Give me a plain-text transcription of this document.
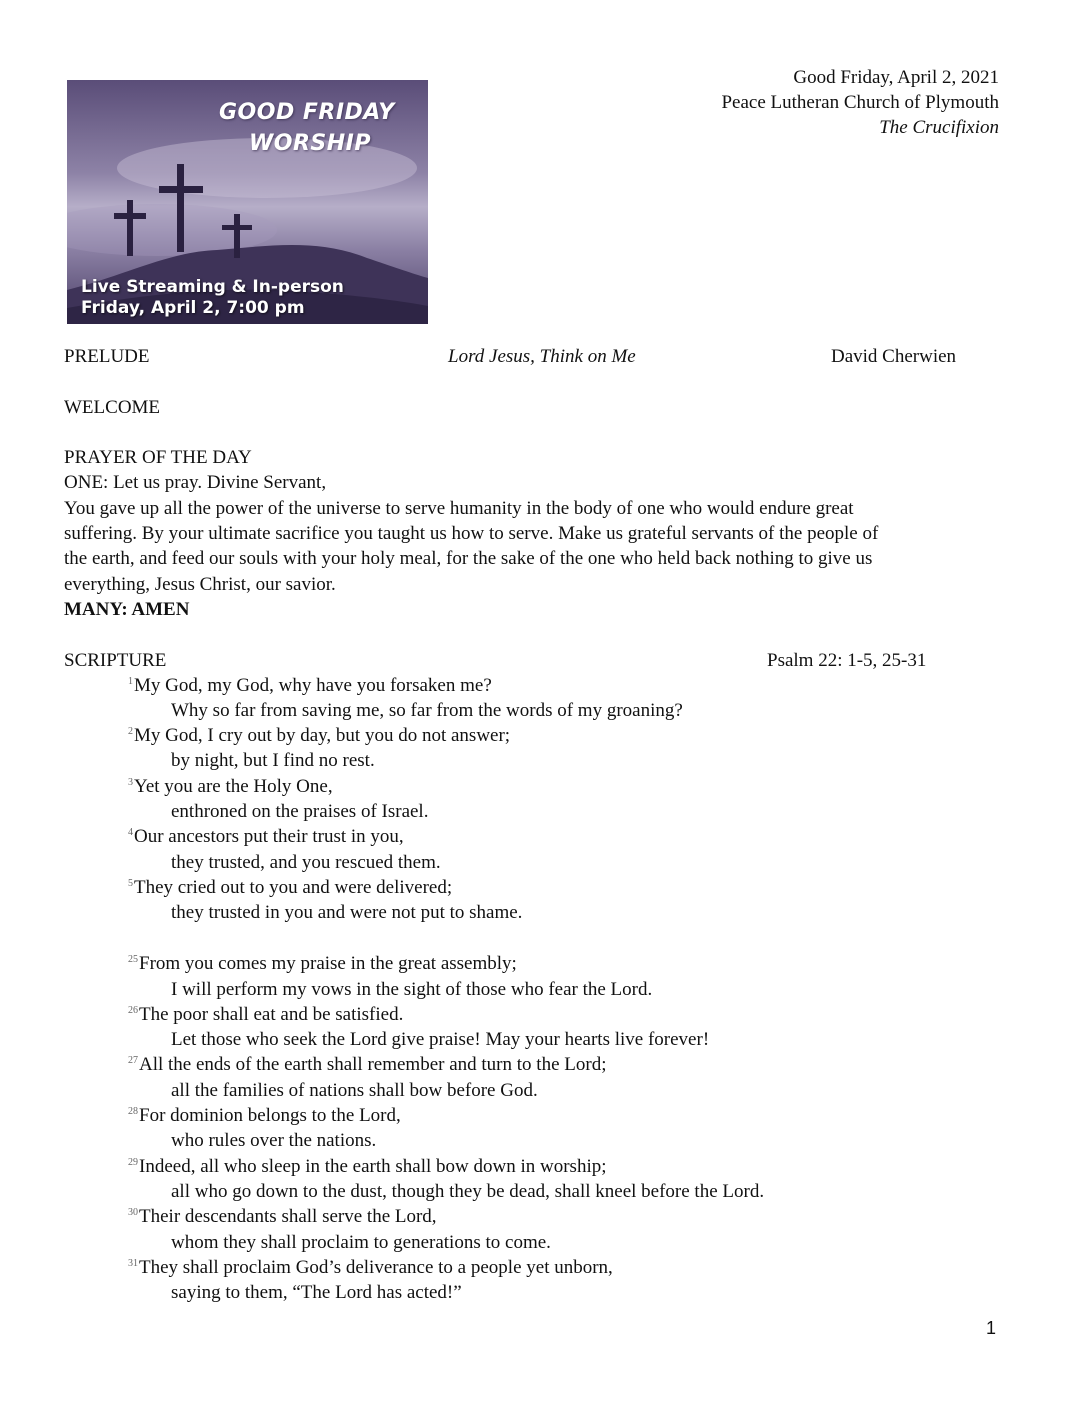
Good Friday, April 2, 2021
Peace Lutheran Church of Plymouth
The Crucifixion
GOOD FRIDAY
WORSHIP
Live Streaming & In-person
Friday, April 2, 7:00 pm
PRELUDE	Lord Jesus, Think on Me	David Cherwien
WELCOME
PRAYER OF THE DAY
ONE: Let us pray. Divine Servant,
You gave up all the power of the universe to serve humanity in the body of one who would endure great
suffering. By your ultimate sacrifice you taught us how to serve. Make us grateful servants of the people of
the earth, and feed our souls with your holy meal, for the sake of the one who held back nothing to give us
everything, Jesus Christ, our savior.
MANY: AMEN
SCRIPTURE	Psalm 22: 1-5, 25-31
$^1$My God, my God, why have you forsaken me?
Why so far from saving me, so far from the words of my groaning?
$^2$My God, I cry out by day, but you do not answer;
by night, but I find no rest.
$^3$Yet you are the Holy One,
enthroned on the praises of Israel.
$^4$Our ancestors put their trust in you,
they trusted, and you rescued them.
$^5$They cried out to you and were delivered;
they trusted in you and were not put to shame.
$^{25}$From you comes my praise in the great assembly;
I will perform my vows in the sight of those who fear the Lord.
$^{26}$The poor shall eat and be satisfied.
Let those who seek the Lord give praise! May your hearts live forever!
$^{27}$All the ends of the earth shall remember and turn to the Lord;
all the families of nations shall bow before God.
$^{28}$For dominion belongs to the Lord,
who rules over the nations.
$^{29}$Indeed, all who sleep in the earth shall bow down in worship;
all who go down to the dust, though they be dead, shall kneel before the Lord.
$^{30}$Their descendants shall serve the Lord,
whom they shall proclaim to generations to come.
$^{31}$They shall proclaim God’s deliverance to a people yet unborn,
saying to them, “The Lord has acted!”
1
